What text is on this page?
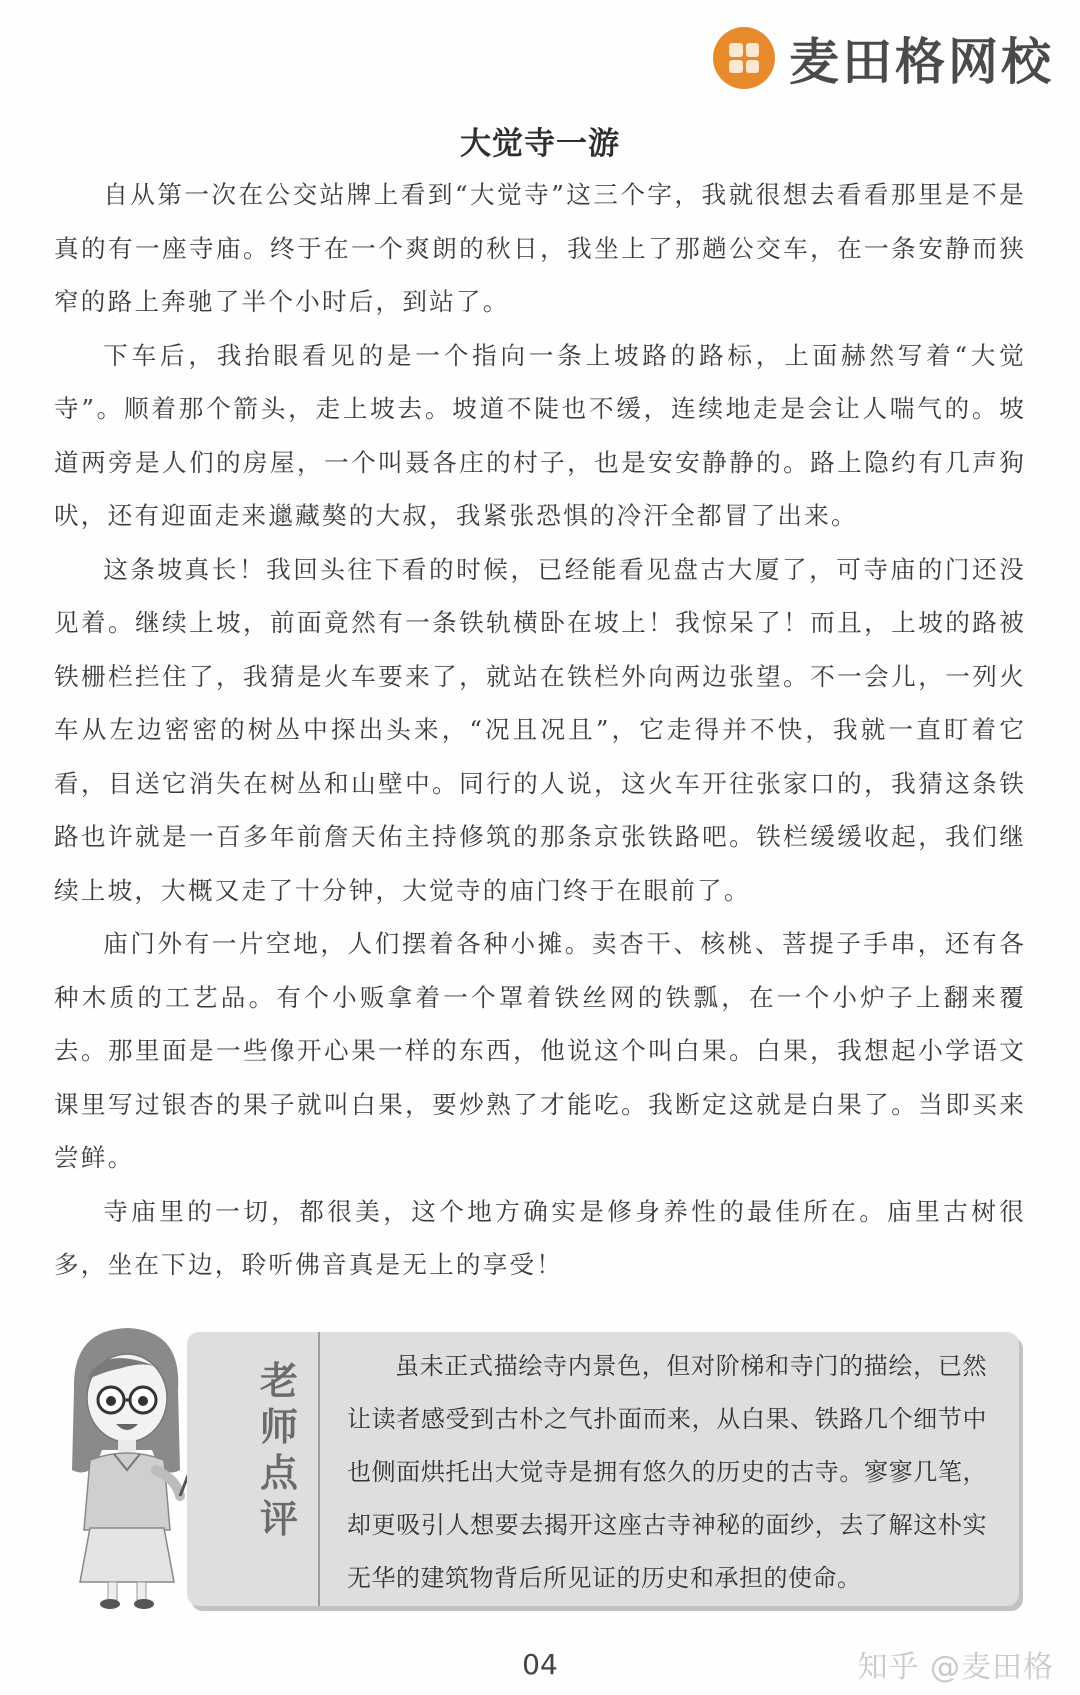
麦田格网校
大觉寺一游

自从第一次在公交站牌上看到“大觉寺”这三个字，我就很想去看看那里是不是真的有一座寺庙。终于在一个爽朗的秋日，我坐上了那趟公交车，在一条安静而狭窄的路上奔驰了半个小时后，到站了。

下车后，我抬眼看见的是一个指向一条上坡路的路标，上面赫然写着“大觉寺”。顺着那个箭头，走上坡去。坡道不陡也不缓，连续地走是会让人喘气的。坡道两旁是人们的房屋，一个叫聂各庄的村子，也是安安静静的。路上隐约有几声狗吠，还有迎面走来邋藏獒的大叔，我紧张恐惧的冷汗全都冒了出来。

这条坡真长！我回头往下看的时候，已经能看见盘古大厦了，可寺庙的门还没见着。继续上坡，前面竟然有一条铁轨横卧在坡上！我惊呆了！而且，上坡的路被铁栅栏拦住了，我猜是火车要来了，就站在铁栏外向两边张望。不一会儿，一列火车从左边密密的树丛中探出头来，“况且况且”，它走得并不快，我就一直盯着它看，目送它消失在树丛和山壁中。同行的人说，这火车开往张家口的，我猜这条铁路也许就是一百多年前詹天佑主持修筑的那条京张铁路吧。铁栏缓缓收起，我们继续上坡，大概又走了十分钟，大觉寺的庙门终于在眼前了。

庙门外有一片空地，人们摆着各种小摊。卖杏干、核桃、菩提子手串，还有各种木质的工艺品。有个小贩拿着一个罩着铁丝网的铁瓢，在一个小炉子上翻来覆去。那里面是一些像开心果一样的东西，他说这个叫白果。白果，我想起小学语文课里写过银杏的果子就叫白果，要炒熟了才能吃。我断定这就是白果了。当即买来尝鲜。

寺庙里的一切，都很美，这个地方确实是修身养性的最佳所在。庙里古树很多，坐在下边，聆听佛音真是无上的享受！

老
师
点
评
虽未正式描绘寺内景色，但对阶梯和寺门的描绘，已然让读者感受到古朴之气扑面而来，从白果、铁路几个细节中也侧面烘托出大觉寺是拥有悠久的历史的古寺。寥寥几笔，却更吸引人想要去揭开这座古寺神秘的面纱，去了解这朴实无华的建筑物背后所见证的历史和承担的使命。
04	知乎 @麦田格
